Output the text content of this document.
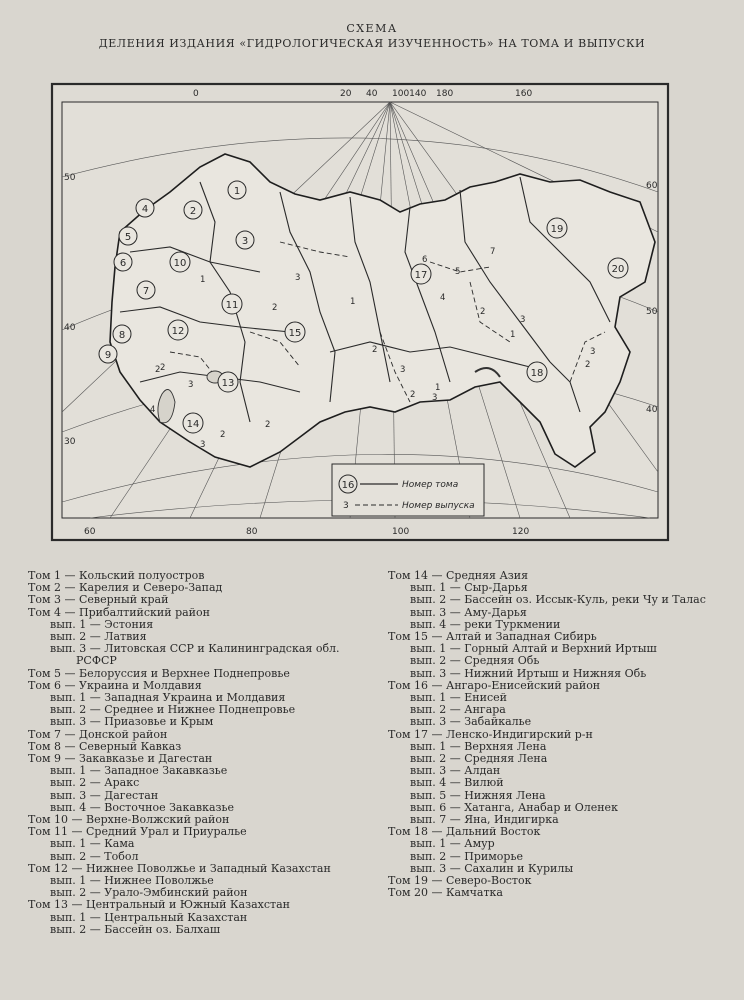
СХЕМА
ДЕЛЕНИЯ ИЗДАНИЯ «ГИДРОЛОГИЧЕСКАЯ ИЗУЧЕННОСТЬ» НА ТОМА И ВЫПУСКИ
0	20 40 100140 180	160
50
40
30
60
50
40
60	80	100	120
1
2
3
4
5
6
7
8
9
10
11
12
13
14
15
17
18
19
20
3
2
1
2
3
2
2
3
4
2
1
2
3
2
1
3
4
5
6
7
2
3
1
2
3
16	Номер тома
3	Номер выпуска
Том 1 — Кольский полуостров
Том 2 — Карелия и Северо-Запад
Том 3 — Северный край
Том 4 — Прибалтийский район
вып. 1 — Эстония
вып. 2 — Латвия
вып. 3 — Литовская ССР и Калининградская обл.
РСФСР
Том 5 — Белоруссия и Верхнее Поднепровье
Том 6 — Украина и Молдавия
вып. 1 — Западная Украина и Молдавия
вып. 2 — Среднее и Нижнее Поднепровье
вып. 3 — Приазовье и Крым
Том 7 — Донской район
Том 8 — Северный Кавказ
Том 9 — Закавказье и Дагестан
вып. 1 — Западное Закавказье
вып. 2 — Аракс
вып. 3 — Дагестан
вып. 4 — Восточное Закавказье
Том 10 — Верхне-Волжский район
Том 11 — Средний Урал и Приуралье
вып. 1 — Кама
вып. 2 — Тобол
Том 12 — Нижнее Поволжье и Западный Казахстан
вып. 1 — Нижнее Поволжье
вып. 2 — Урало-Эмбинский район
Том 13 — Центральный и Южный Казахстан
вып. 1 — Центральный Казахстан
вып. 2 — Бассейн оз. Балхаш
Том 14 — Средняя Азия
вып. 1 — Сыр-Дарья
вып. 2 — Бассейн оз. Иссык-Куль, реки Чу и Талас
вып. 3 — Аму-Дарья
вып. 4 — реки Туркмении
Том 15 — Алтай и Западная Сибирь
вып. 1 — Горный Алтай и Верхний Иртыш
вып. 2 — Средняя Обь
вып. 3 — Нижний Иртыш и Нижняя Обь
Том 16 — Ангаро-Енисейский район
вып. 1 — Енисей
вып. 2 — Ангара
вып. 3 — Забайкалье
Том 17 — Ленско-Индигирский р-н
вып. 1 — Верхняя Лена
вып. 2 — Средняя Лена
вып. 3 — Алдан
вып. 4 — Вилюй
вып. 5 — Нижняя Лена
вып. 6 — Хатанга, Анабар и Оленек
вып. 7 — Яна, Индигирка
Том 18 — Дальний Восток
вып. 1 — Амур
вып. 2 — Приморье
вып. 3 — Сахалин и Курилы
Том 19 — Северо-Восток
Том 20 — Камчатка
